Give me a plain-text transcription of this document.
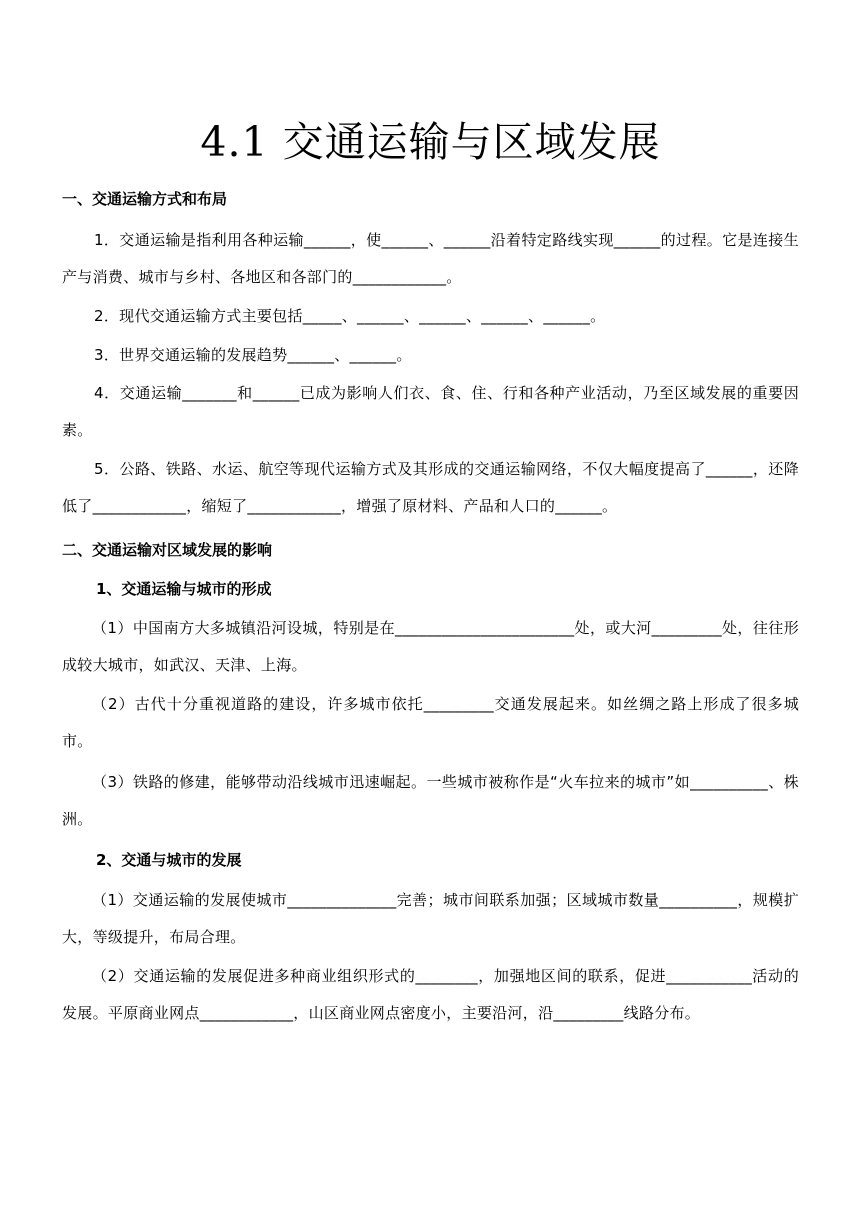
4.1 交通运输与区域发展
一、交通运输方式和布局
1．交通运输是指利用各种运输______，使______、______沿着特定路线实现______的过程。它是连接生产与消费、城市与乡村、各地区和各部门的____________。
2．现代交通运输方式主要包括_____、______、______、______、______。
3．世界交通运输的发展趋势______、______。
4．交通运输_______和______已成为影响人们衣、食、住、行和各种产业活动，乃至区域发展的重要因素。
5．公路、铁路、水运、航空等现代运输方式及其形成的交通运输网络，不仅大幅度提高了______，还降低了____________，缩短了____________，增强了原材料、产品和人口的______。
二、交通运输对区域发展的影响
1、交通运输与城市的形成
（1）中国南方大多城镇沿河设城，特别是在_______________________处，或大河_________处，往往形成较大城市，如武汉、天津、上海。
（2）古代十分重视道路的建设，许多城市依托_________交通发展起来。如丝绸之路上形成了很多城市。
（3）铁路的修建，能够带动沿线城市迅速崛起。一些城市被称作是“火车拉来的城市”如__________、株洲。
2、交通与城市的发展
（1）交通运输的发展使城市______________完善；城市间联系加强；区域城市数量__________，规模扩大，等级提升，布局合理。
（2）交通运输的发展促进多种商业组织形式的________，加强地区间的联系，促进___________活动的发展。平原商业网点____________，山区商业网点密度小，主要沿河，沿_________线路分布。
